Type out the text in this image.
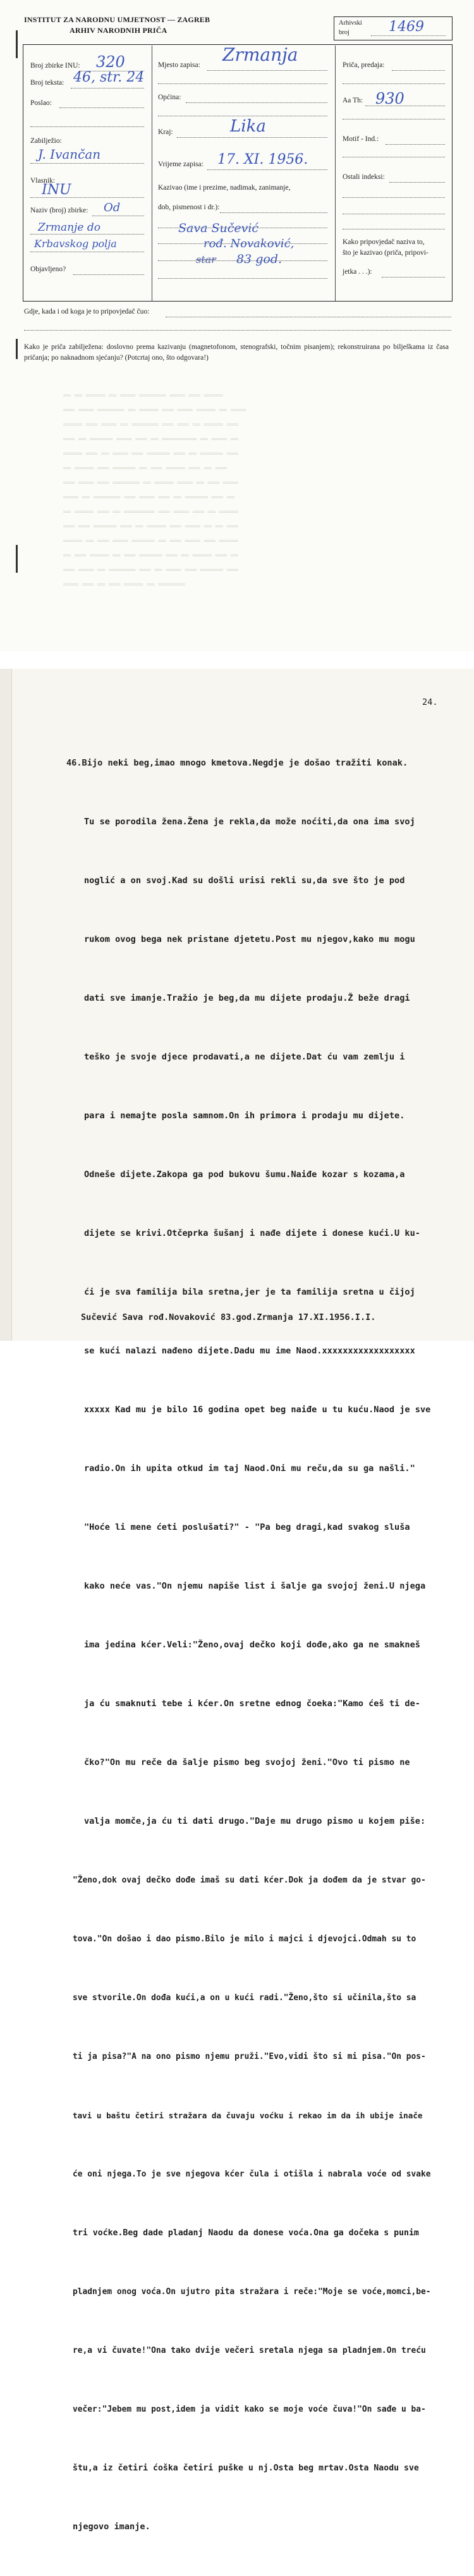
INSTITUT ZA NARODNU UMJETNOST — ZAGREB
ARHIV NARODNIH PRIČA
Arhivski
broj	1469
Broj zbirke INU: 320
Broj teksta: 46, str. 24
Poslao:
Zabilježio:
J. Ivančan
Vlasnik:
INU
Naziv (broj) zbirke: Od
Zrmanje do
Krbavskog polja
Objavljeno?
Mjesto zapisa: Zrmanja
Općina:
Kraj:	Lika
Vrijeme zapisa: 17. XI. 1956.
Kazivao (ime i prezime, nadimak, zanimanje,
dob, pismenost i dr.):
Sava Sučević
rođ. Novaković,
star 83 god.
Priča, predaja:
Aa Th: 930
Motif - Ind.:
Ostali indeksi:
Kako pripovjedač naziva to,
što je kazivao (priča, pripovi-
jetka . . .):
Gdje, kada i od koga je to pripovjedač čuo:
Kako je priča zabilježena: doslovno prema kazivanju (magnetofonom, stenografski, točnim pisanjem); rekonstruirana po bilješkama iz časa pričanja; po naknadnom sjećanju? (Potcrtaj ono, što odgovara!)
══ ══ ═════ ══ ════ ═══════ ════ ═══ ═════
═══ ════ ═══════ ══ ═════ ═══ ════ ═════ ══ ════
═════ ═══ ════ ══ ═══════ ═══ ═══ ══ ═════ ═══
═══ ══ ══════ ════ ═══ ══ ═════════ ══ ════ ══
═════ ═══ ══ ════ ═══ ══════ ═══ ══ ══════ ═══
══ ═════ ═══ ══════ ══ ═══ ═════ ═══ ══ ═══
═══ ════ ═══ ═══════ ══ ═════ ════ ══ ═══ ════
════ ══ ═══════ ═══ ════ ═══ ══ ══════ ═══ ══
══ ═════ ═══ ══ ════════ ═══ ════ ═══ ══ ═════
═══ ═══ ══════ ═══ ══ ═════ ═══ ════ ══ ══ ═══
═════ ══ ═══ ════ ══════ ══ ═══ ════ ═══ ═════
══ ═══ ═════ ══ ═══ ══════ ═══ ══ ═════ ═══ ══
═══ ════ ══ ═══════ ═══ ══ ════ ═══ ══════ ═══
════ ═══ ══ ═══ ═════ ══ ═══════
24.

46.Bijo neki beg,imao mnogo kmetova.Negdje je došao tražiti konak.

Tu se porodila žena.Žena je rekla,da može noćiti,da ona ima svoj

noglić a on svoj.Kad su došli urisi rekli su,da sve što je pod

rukom ovog bega nek pristane djetetu.Post mu njegov,kako mu mogu

dati sve imanje.Tražio je beg,da mu dijete prodaju.Ž beže dragi

teško je svoje djece prodavati,a ne dijete.Dat ću vam zemlju i

para i nemajte posla samnom.On ih primora i prodaju mu dijete.

Odneše dijete.Zakopa ga pod bukovu šumu.Naiđe kozar s kozama,a

dijete se krivi.Otčeprka šušanj i nađe dijete i donese kući.U ku-

ći je sva familija bila sretna,jer je ta familija sretna u čijoj

se kući nalazi nađeno dijete.Dadu mu ime Naod.xxxxxxxxxxxxxxxxxx

xxxxx Kad mu je bilo 16 godina opet beg naiđe u tu kuću.Naod je sve

radio.On ih upita otkud im taj Naod.Oni mu reču,da su ga našli."

"Hoće li mene ćeti poslušati?" - "Pa beg dragi,kad svakog sluša

kako neće vas."On njemu napiše list i šalje ga svojoj ženi.U njega

ima jedina kćer.Veli:"Ženo,ovaj dečko koji dođe,ako ga ne smakneš

ja ću smaknuti tebe i kćer.On sretne ednog čoeka:"Kamo ćeš ti de-

čko?"On mu reče da šalje pismo beg svojoj ženi."Ovo ti pismo ne

valja momče,ja ću ti dati drugo."Daje mu drugo pismo u kojem piše:

"Ženo,dok ovaj dečko dođe imaš su dati kćer.Dok ja dođem da je stvar go-

tova."On došao i dao pismo.Bilo je milo i majci i djevojci.Odmah su to

sve stvorile.On dođa kući,a on u kući radi."Ženo,što si učinila,što sa

ti ja pisa?"A na ono pismo njemu pruži."Evo,vidi što si mi pisa."On pos-

tavi u baštu četiri stražara da čuvaju voćku i rekao im da ih ubije inače

će oni njega.To je sve njegova kćer čula i otišla i nabrala voće od svake

tri voćke.Beg dade pladanj Naodu da donese voća.Ona ga dočeka s punim

pladnjem onog voća.On ujutro pita stražara i reče:"Moje se voće,momci,be-

re,a vi čuvate!"Ona tako dvije večeri sretala njega sa pladnjem.On treću

večer:"Jebem mu post,idem ja vidit kako se moje voće čuva!"On sađe u ba-

štu,a iz četiri ćoška četiri puške u nj.Osta beg mrtav.Osta Naodu sve

njegovo imanje.

Sučević Sava rođ.Novaković 83.god.Zrmanja 17.XI.1956.I.I.
